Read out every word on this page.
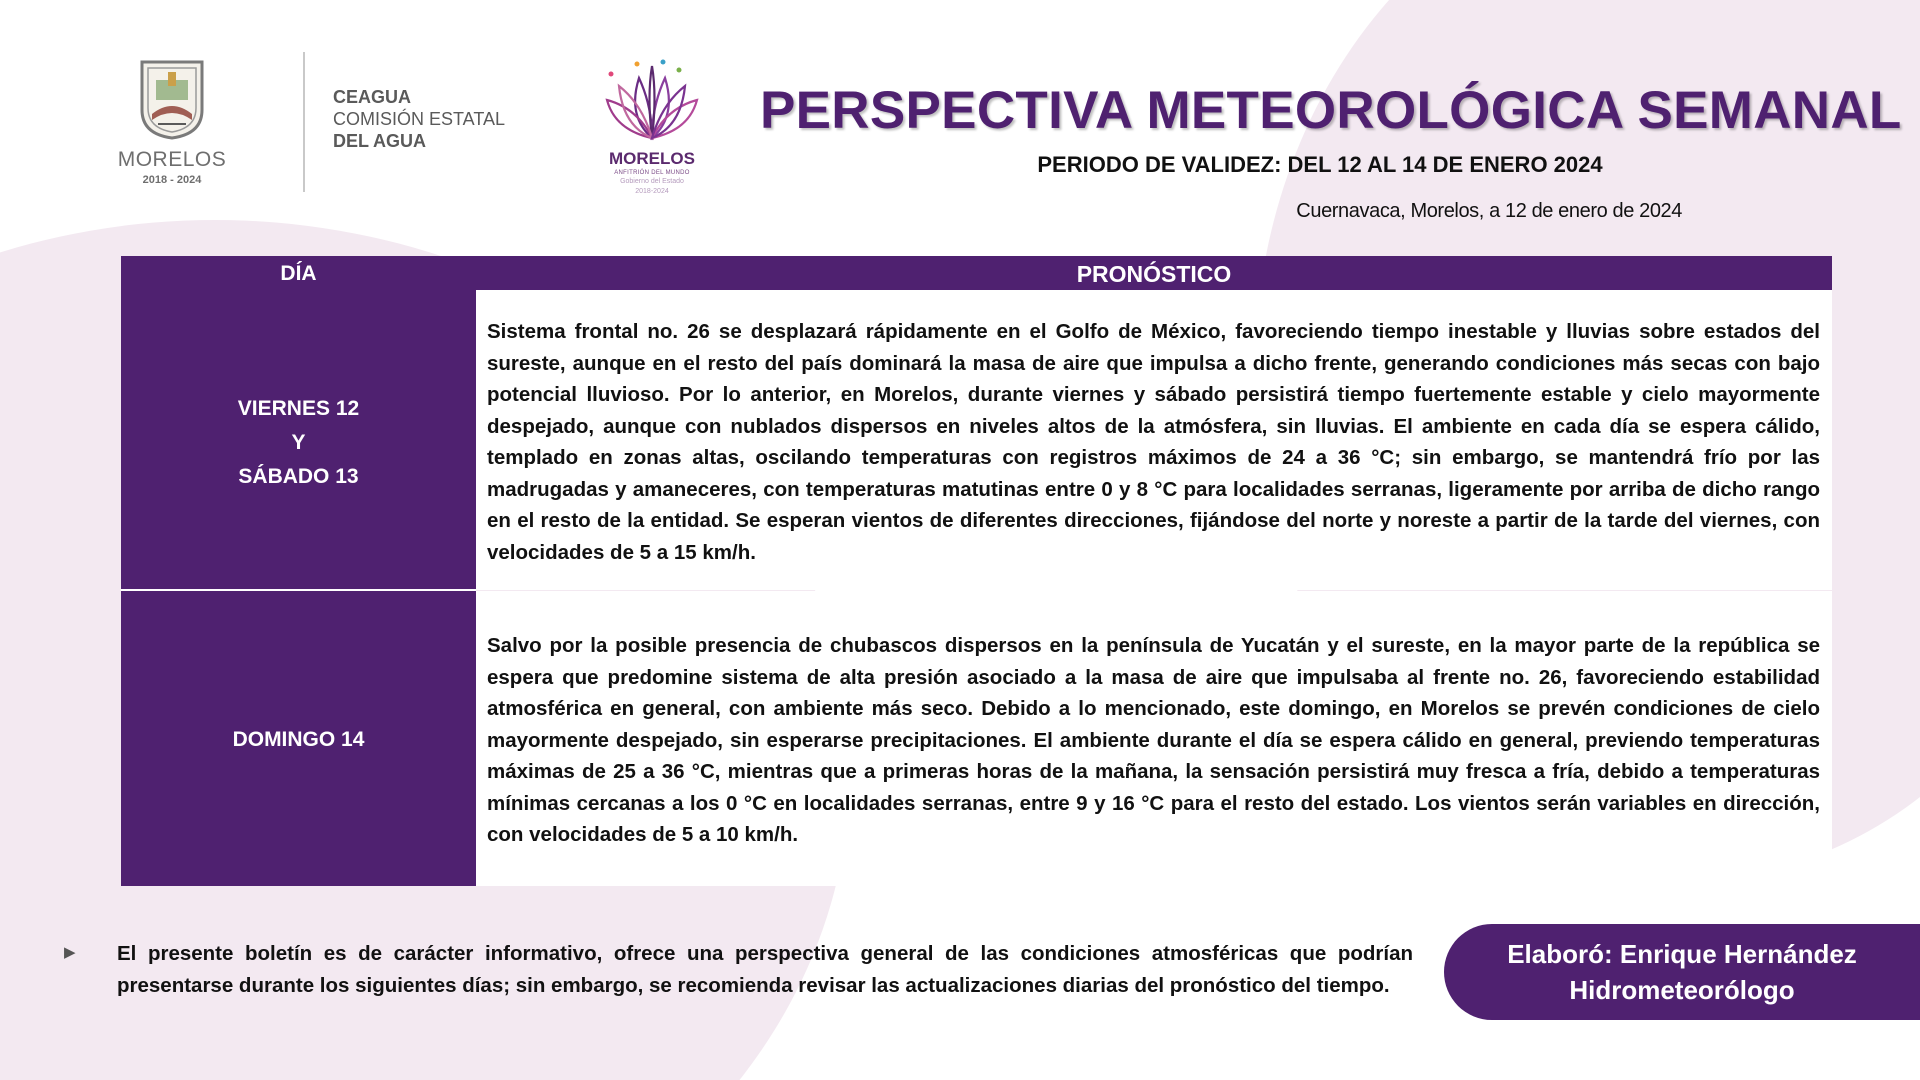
MORELOS
2018 - 2024
CEAGUA
COMISIÓN ESTATAL
DEL AGUA
MORELOS
ANFITRIÓN DEL MUNDO
Gobierno del Estado
2018-2024
PERSPECTIVA METEOROLÓGICA SEMANAL
PERIODO DE VALIDEZ: DEL 12 AL 14 DE ENERO 2024
Cuernavaca, Morelos, a 12 de enero de 2024
DÍA
VIERNES 12
Y
SÁBADO 13
DOMINGO 14
PRONÓSTICO
Sistema frontal no. 26 se desplazará rápidamente en el Golfo de México, favoreciendo tiempo inestable y lluvias sobre estados del sureste, aunque en el resto del país dominará la masa de aire que impulsa a dicho frente, generando condiciones más secas con bajo potencial lluvioso. Por lo anterior, en Morelos, durante viernes y sábado persistirá tiempo fuertemente estable y cielo mayormente despejado, aunque con nublados dispersos en niveles altos de la atmósfera, sin lluvias. El ambiente en cada día se espera cálido, templado en zonas altas, oscilando temperaturas con registros máximos de 24 a 36 °C; sin embargo, se mantendrá frío por las madrugadas y amaneceres, con temperaturas matutinas entre 0 y 8 °C para localidades serranas, ligeramente por arriba de dicho rango en el resto de la entidad. Se esperan vientos de diferentes direcciones, fijándose del norte y noreste a partir de la tarde del viernes, con velocidades de 5 a 15 km/h.
Salvo por la posible presencia de chubascos dispersos en la península de Yucatán y el sureste, en la mayor parte de la república se espera que predomine sistema de alta presión asociado a la masa de aire que impulsaba al frente no. 26, favoreciendo estabilidad atmosférica en general, con ambiente más seco. Debido a lo mencionado, este domingo, en Morelos se prevén condiciones de cielo mayormente despejado, sin esperarse precipitaciones. El ambiente durante el día se espera cálido en general, previendo temperaturas máximas de 25 a 36 °C, mientras que a primeras horas de la mañana, la sensación persistirá muy fresca a fría, debido a temperaturas mínimas cercanas a los 0 °C en localidades serranas, entre 9 y 16 °C para el resto del estado. Los vientos serán variables en dirección, con velocidades de 5 a 10 km/h.
▶ El presente boletín es de carácter informativo, ofrece una perspectiva general de las condiciones atmosféricas que podrían presentarse durante los siguientes días; sin embargo, se recomienda revisar las actualizaciones diarias del pronóstico del tiempo.
Elaboró: Enrique Hernández
Hidrometeorólogo
